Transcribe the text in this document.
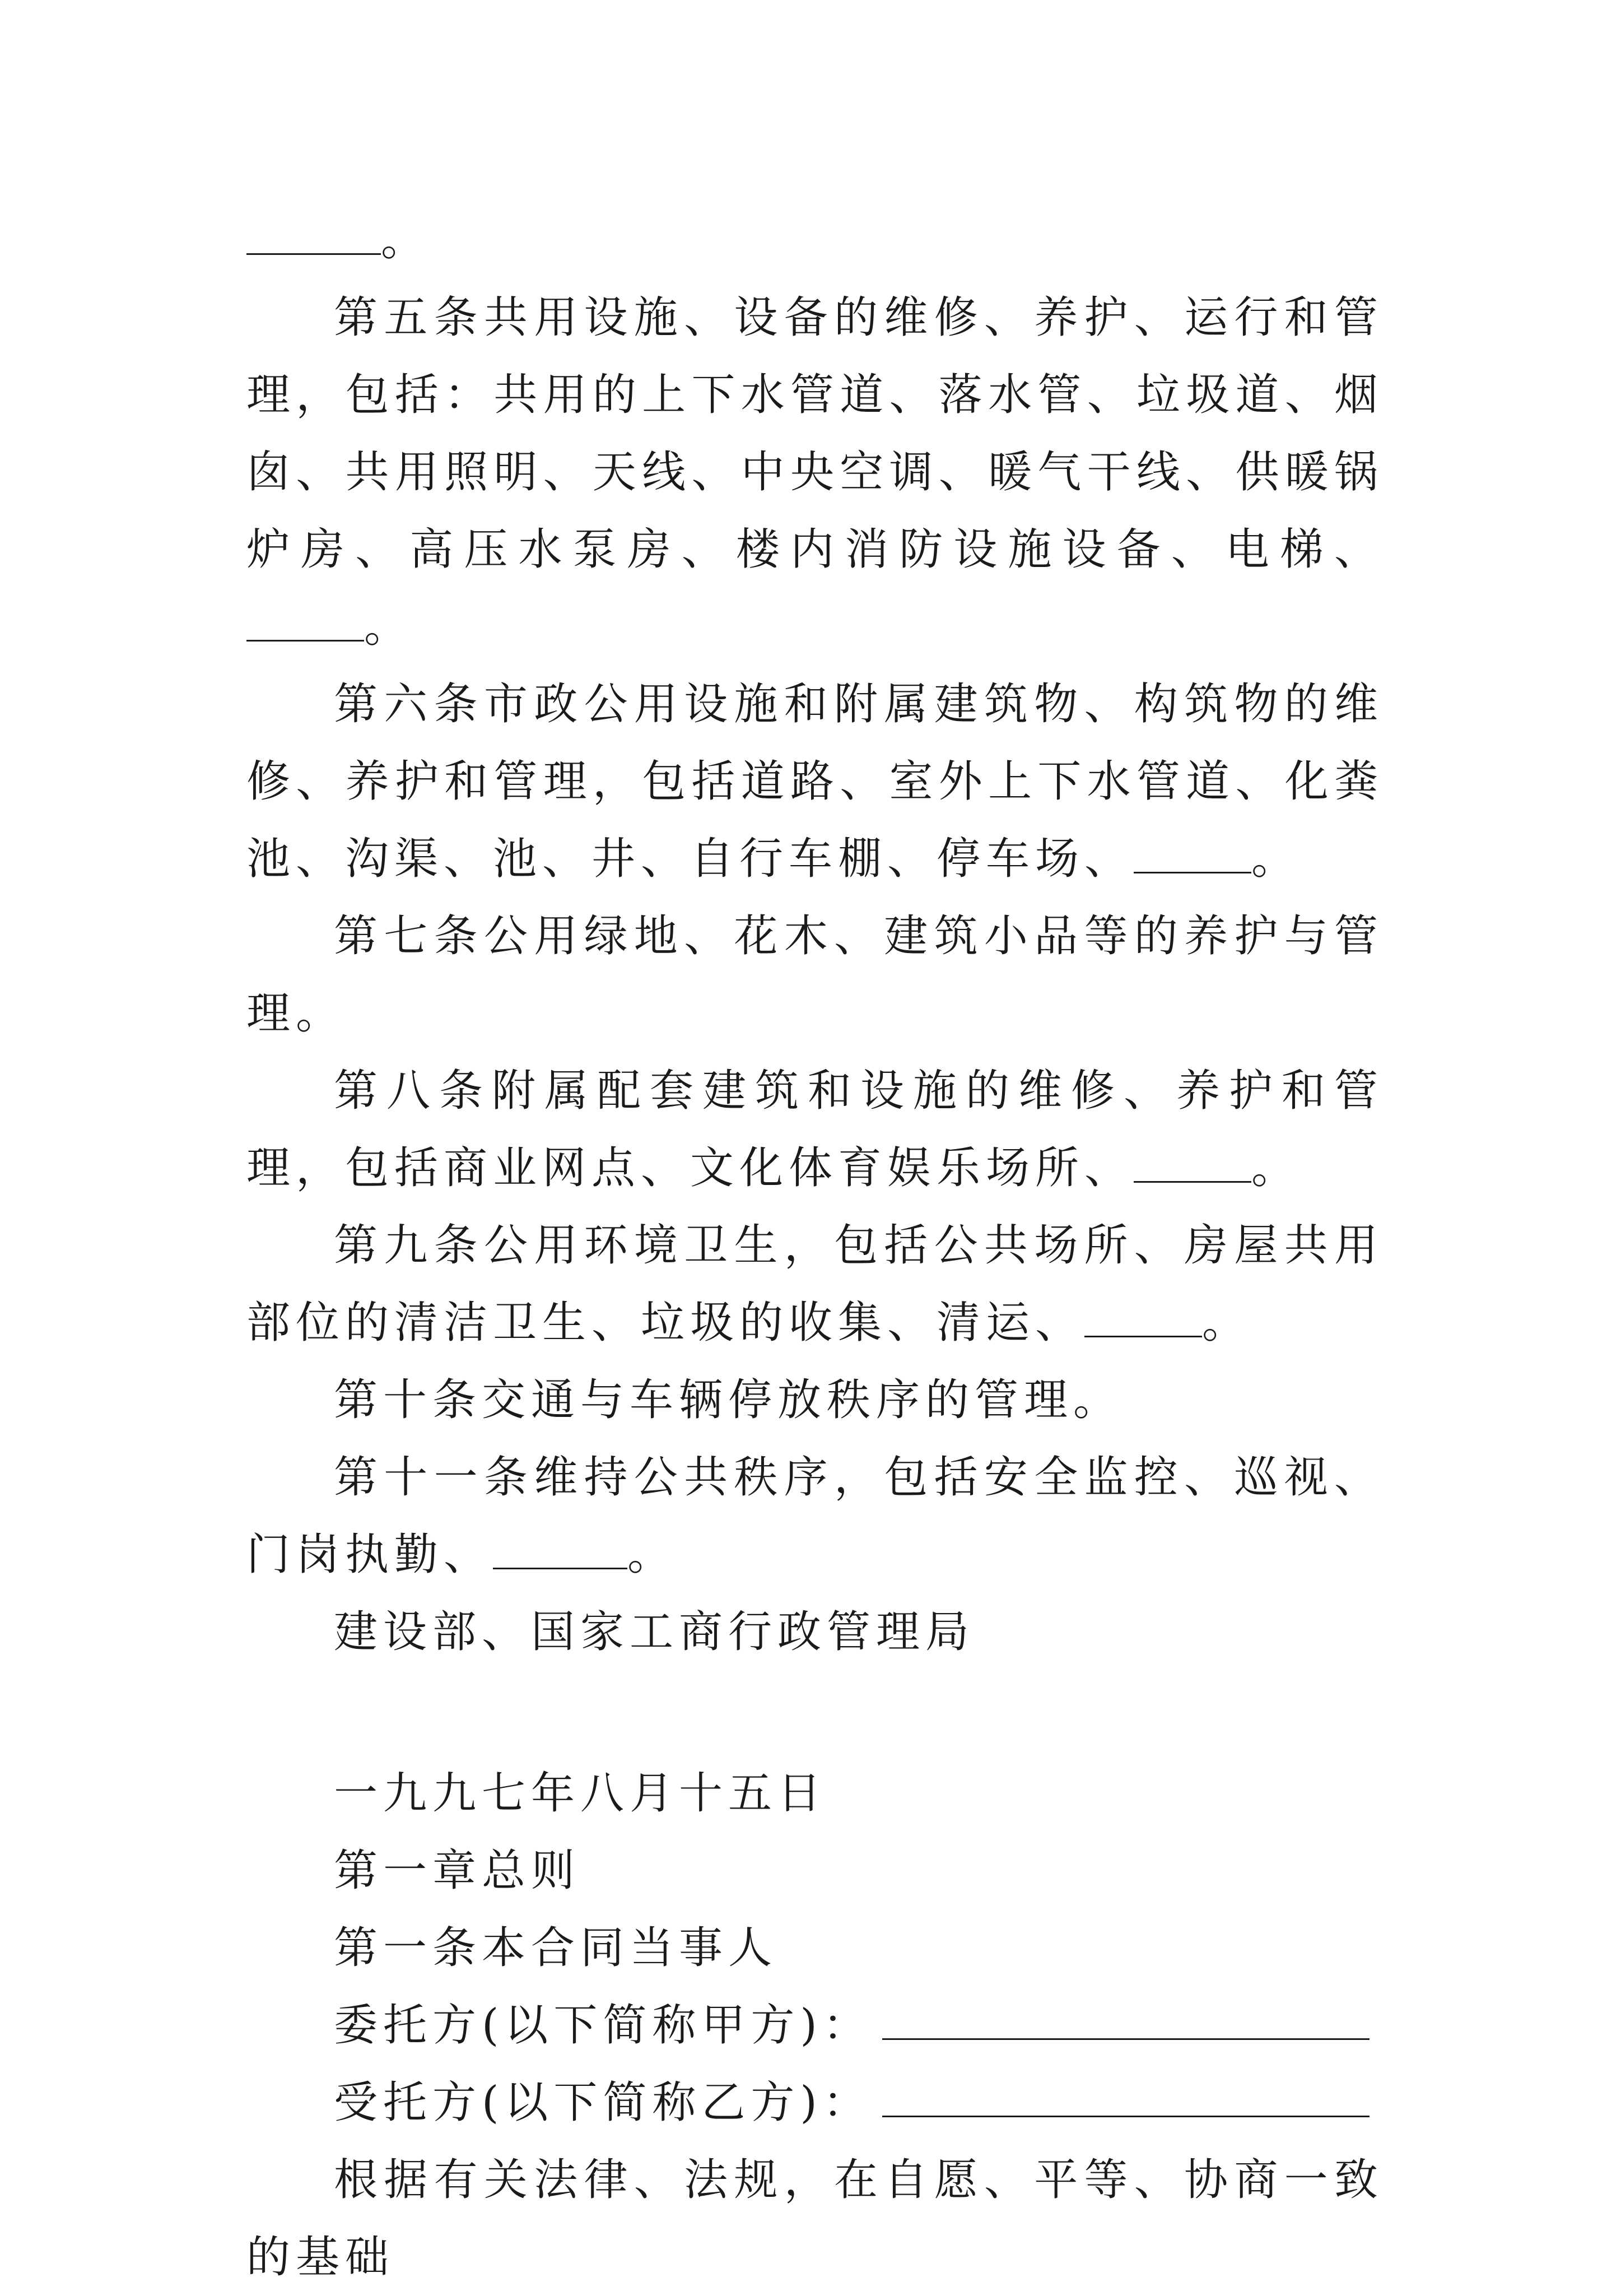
。

第五条共用设施、设备的维修、养护、运行和管理，包括：共用的上下水管道、落水管、垃圾道、烟囱、共用照明、天线、中央空调、暖气干线、供暖锅炉房、高压水泵房、楼内消防设施设备、电梯、。

第六条市政公用设施和附属建筑物、构筑物的维修、养护和管理，包括道路、室外上下水管道、化粪池、沟渠、池、井、自行车棚、停车场、	。

第七条公用绿地、花木、建筑小品等的养护与管理。

第八条附属配套建筑和设施的维修、养护和管理，包括商业网点、文化体育娱乐场所、	。

第九条公用环境卫生，包括公共场所、房屋共用部位的清洁卫生、垃圾的收集、清运、	。

第十条交通与车辆停放秩序的管理。

第十一条维持公共秩序，包括安全监控、巡视、门岗执勤、	。

建设部、国家工商行政管理局

一九九七年八月十五日

第一章总则

第一条本合同当事人

委托方(以下简称甲方)：

受托方(以下简称乙方)：

根据有关法律、法规，在自愿、平等、协商一致的基础
